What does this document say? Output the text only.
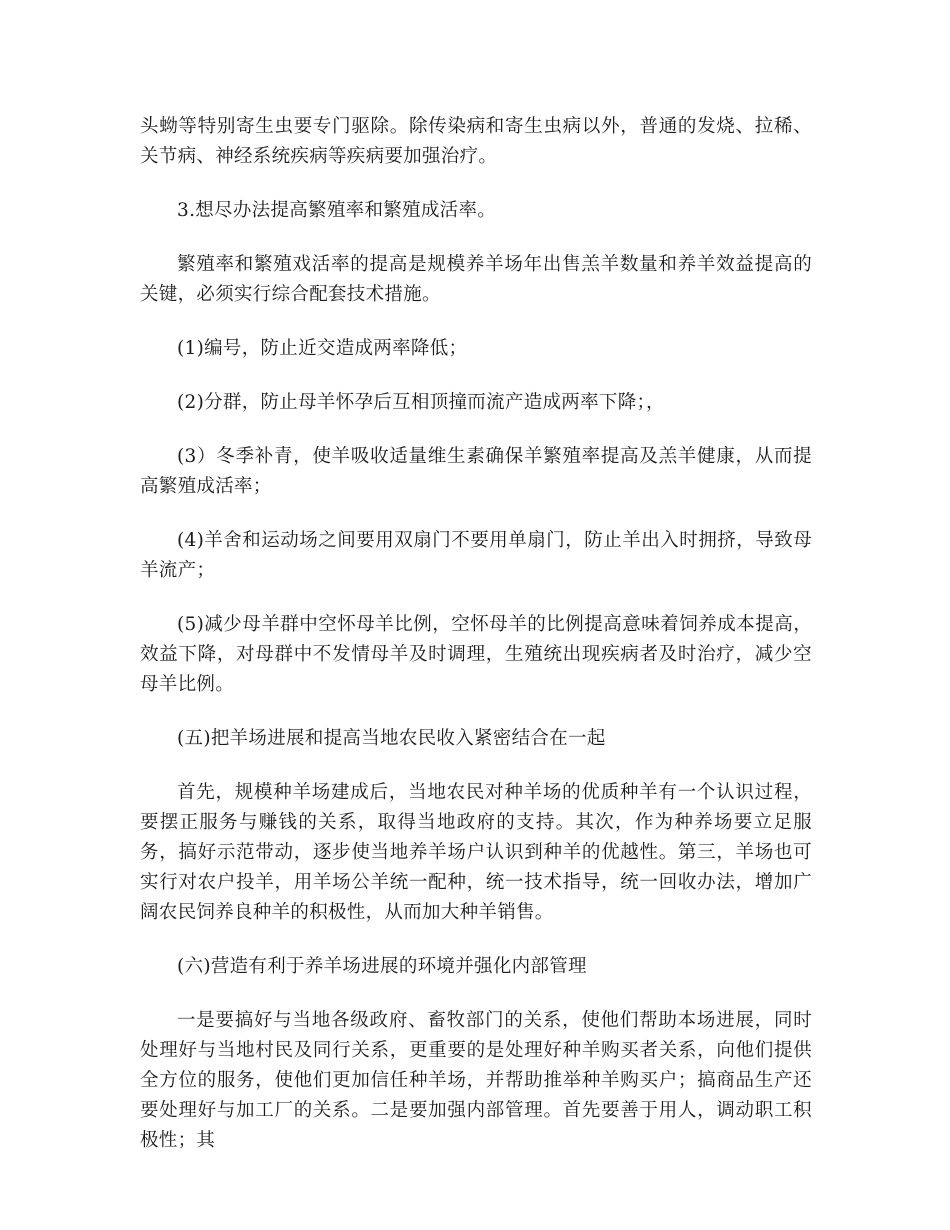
头蚴等特别寄生虫要专门驱除。除传染病和寄生虫病以外，普通的发烧、拉稀、关节病、神经系统疾病等疾病要加强治疗。

3.想尽办法提高繁殖率和繁殖成活率。

繁殖率和繁殖戏活率的提高是规模养羊场年出售羔羊数量和养羊效益提高的关键，必须实行综合配套技术措施。

(1)编号，防止近交造成两率降低；

(2)分群，防止母羊怀孕后互相顶撞而流产造成两率下降；，

(3）冬季补青，使羊吸收适量维生素确保羊繁殖率提高及羔羊健康，从而提高繁殖成活率；

(4)羊舍和运动场之间要用双扇门不要用单扇门，防止羊出入时拥挤，导致母羊流产；

(5)减少母羊群中空怀母羊比例，空怀母羊的比例提高意味着饲养成本提高，效益下降，对母群中不发情母羊及时调理，生殖统出现疾病者及时治疗，减少空母羊比例。

(五)把羊场进展和提高当地农民收入紧密结合在一起

首先，规模种羊场建成后，当地农民对种羊场的优质种羊有一个认识过程，要摆正服务与赚钱的关系，取得当地政府的支持。其次，作为种养场要立足服务，搞好示范带动，逐步使当地养羊场户认识到种羊的优越性。第三，羊场也可实行对农户投羊，用羊场公羊统一配种，统一技术指导，统一回收办法，增加广阔农民饲养良种羊的积极性，从而加大种羊销售。

(六)营造有利于养羊场进展的环境并强化内部管理

一是要搞好与当地各级政府、畜牧部门的关系，使他们帮助本场进展，同时处理好与当地村民及同行关系，更重要的是处理好种羊购买者关系，向他们提供全方位的服务，使他们更加信任种羊场，并帮助推举种羊购买户；搞商品生产还要处理好与加工厂的关系。二是要加强内部管理。首先要善于用人，调动职工积极性；其
